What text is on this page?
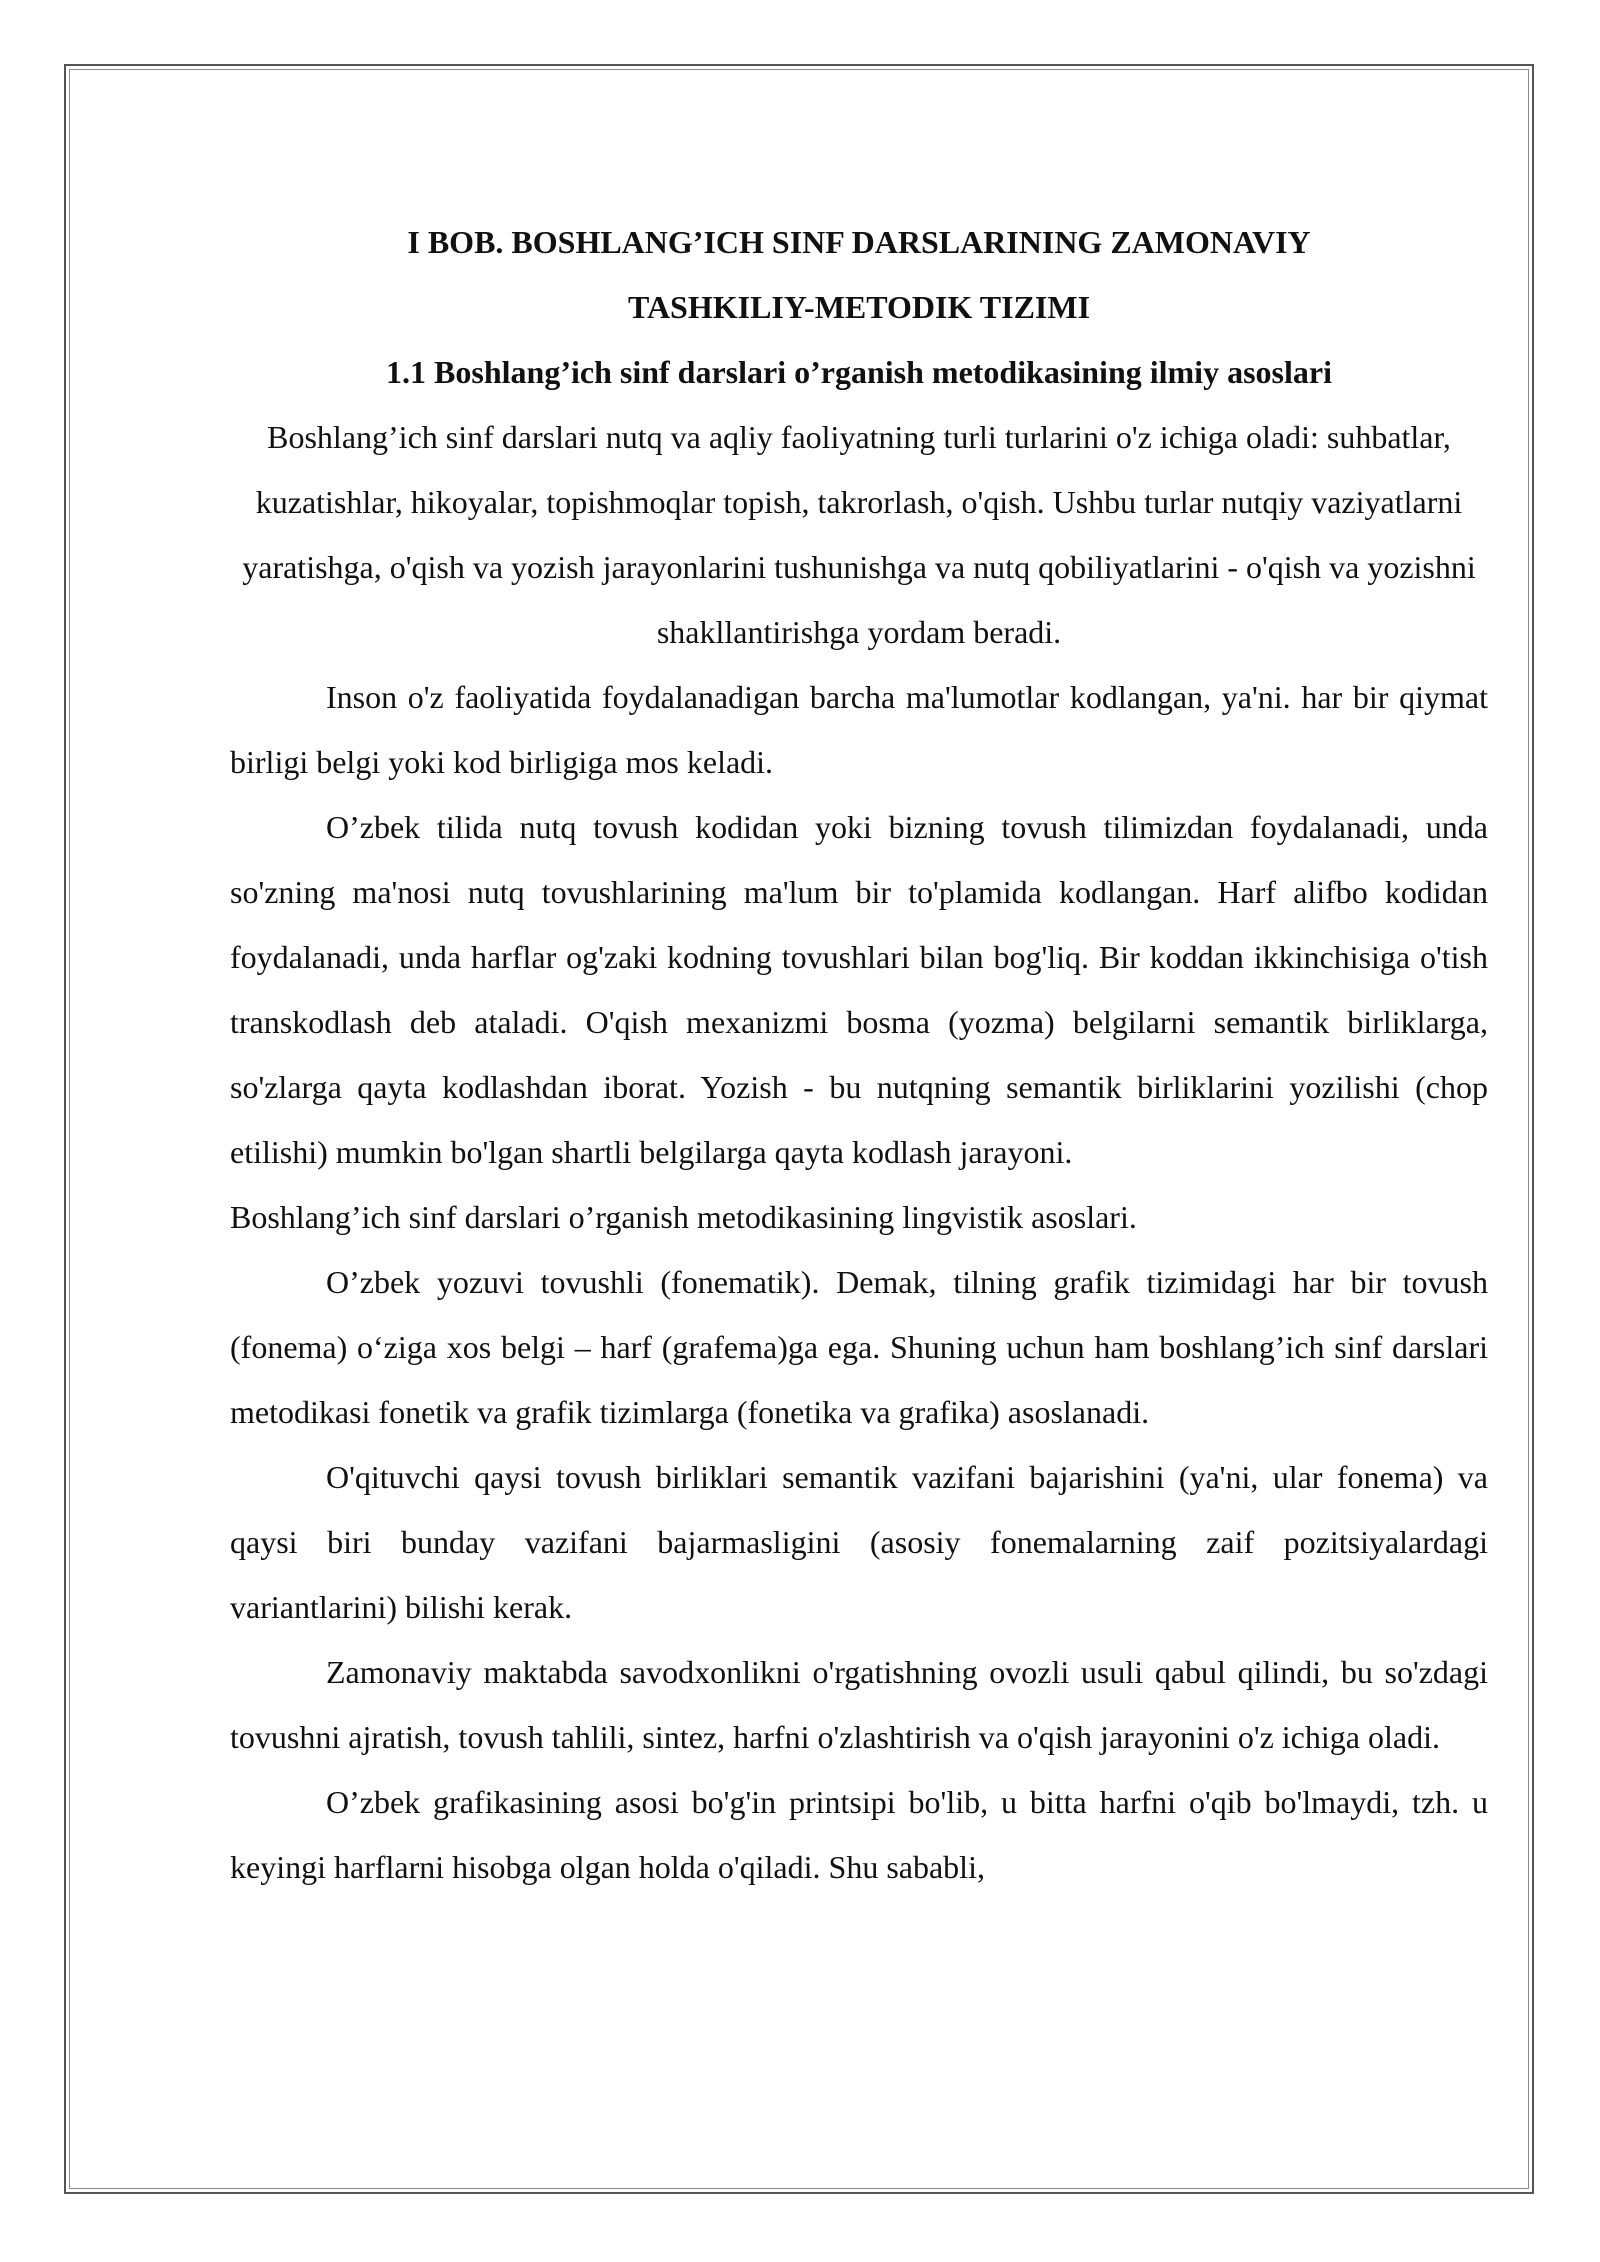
I BOB. BOSHLANG’ICH SINF DARSLARINING ZAMONAVIY

TASHKILIY-METODIK TIZIMI

1.1 Boshlang’ich sinf darslari o’rganish metodikasining ilmiy asoslari

Boshlang’ich sinf darslari nutq va aqliy faoliyatning turli turlarini o'z ichiga oladi: suhbatlar, kuzatishlar, hikoyalar, topishmoqlar topish, takrorlash, o'qish. Ushbu turlar nutqiy vaziyatlarni yaratishga, o'qish va yozish jarayonlarini tushunishga va nutq qobiliyatlarini - o'qish va yozishni shakllantirishga yordam beradi.

Inson o'z faoliyatida foydalanadigan barcha ma'lumotlar kodlangan, ya'ni. har bir qiymat birligi belgi yoki kod birligiga mos keladi.

O’zbek tilida nutq tovush kodidan yoki bizning tovush tilimizdan foydalanadi, unda so'zning ma'nosi nutq tovushlarining ma'lum bir to'plamida kodlangan. Harf alifbo kodidan foydalanadi, unda harflar og'zaki kodning tovushlari bilan bog'liq. Bir koddan ikkinchisiga o'tish transkodlash deb ataladi. O'qish mexanizmi bosma (yozma) belgilarni semantik birliklarga, so'zlarga qayta kodlashdan iborat. Yozish - bu nutqning semantik birliklarini yozilishi (chop etilishi) mumkin bo'lgan shartli belgilarga qayta kodlash jarayoni.

Boshlang’ich sinf darslari o’rganish metodikasining lingvistik asoslari.

O’zbek yozuvi tovushli (fonematik). Demak, tilning grafik tizimidagi har bir tovush (fonema) o‘ziga xos belgi – harf (grafema)ga ega. Shuning uchun ham boshlang’ich sinf darslari metodikasi fonetik va grafik tizimlarga (fonetika va grafika) asoslanadi.

O'qituvchi qaysi tovush birliklari semantik vazifani bajarishini (ya'ni, ular fonema) va qaysi biri bunday vazifani bajarmasligini (asosiy fonemalarning zaif pozitsiyalardagi variantlarini) bilishi kerak.

Zamonaviy maktabda savodxonlikni o'rgatishning ovozli usuli qabul qilindi, bu so'zdagi tovushni ajratish, tovush tahlili, sintez, harfni o'zlashtirish va o'qish jarayonini o'z ichiga oladi.

O’zbek grafikasining asosi bo'g'in printsipi bo'lib, u bitta harfni o'qib bo'lmaydi, tzh. u keyingi harflarni hisobga olgan holda o'qiladi. Shu sababli,
